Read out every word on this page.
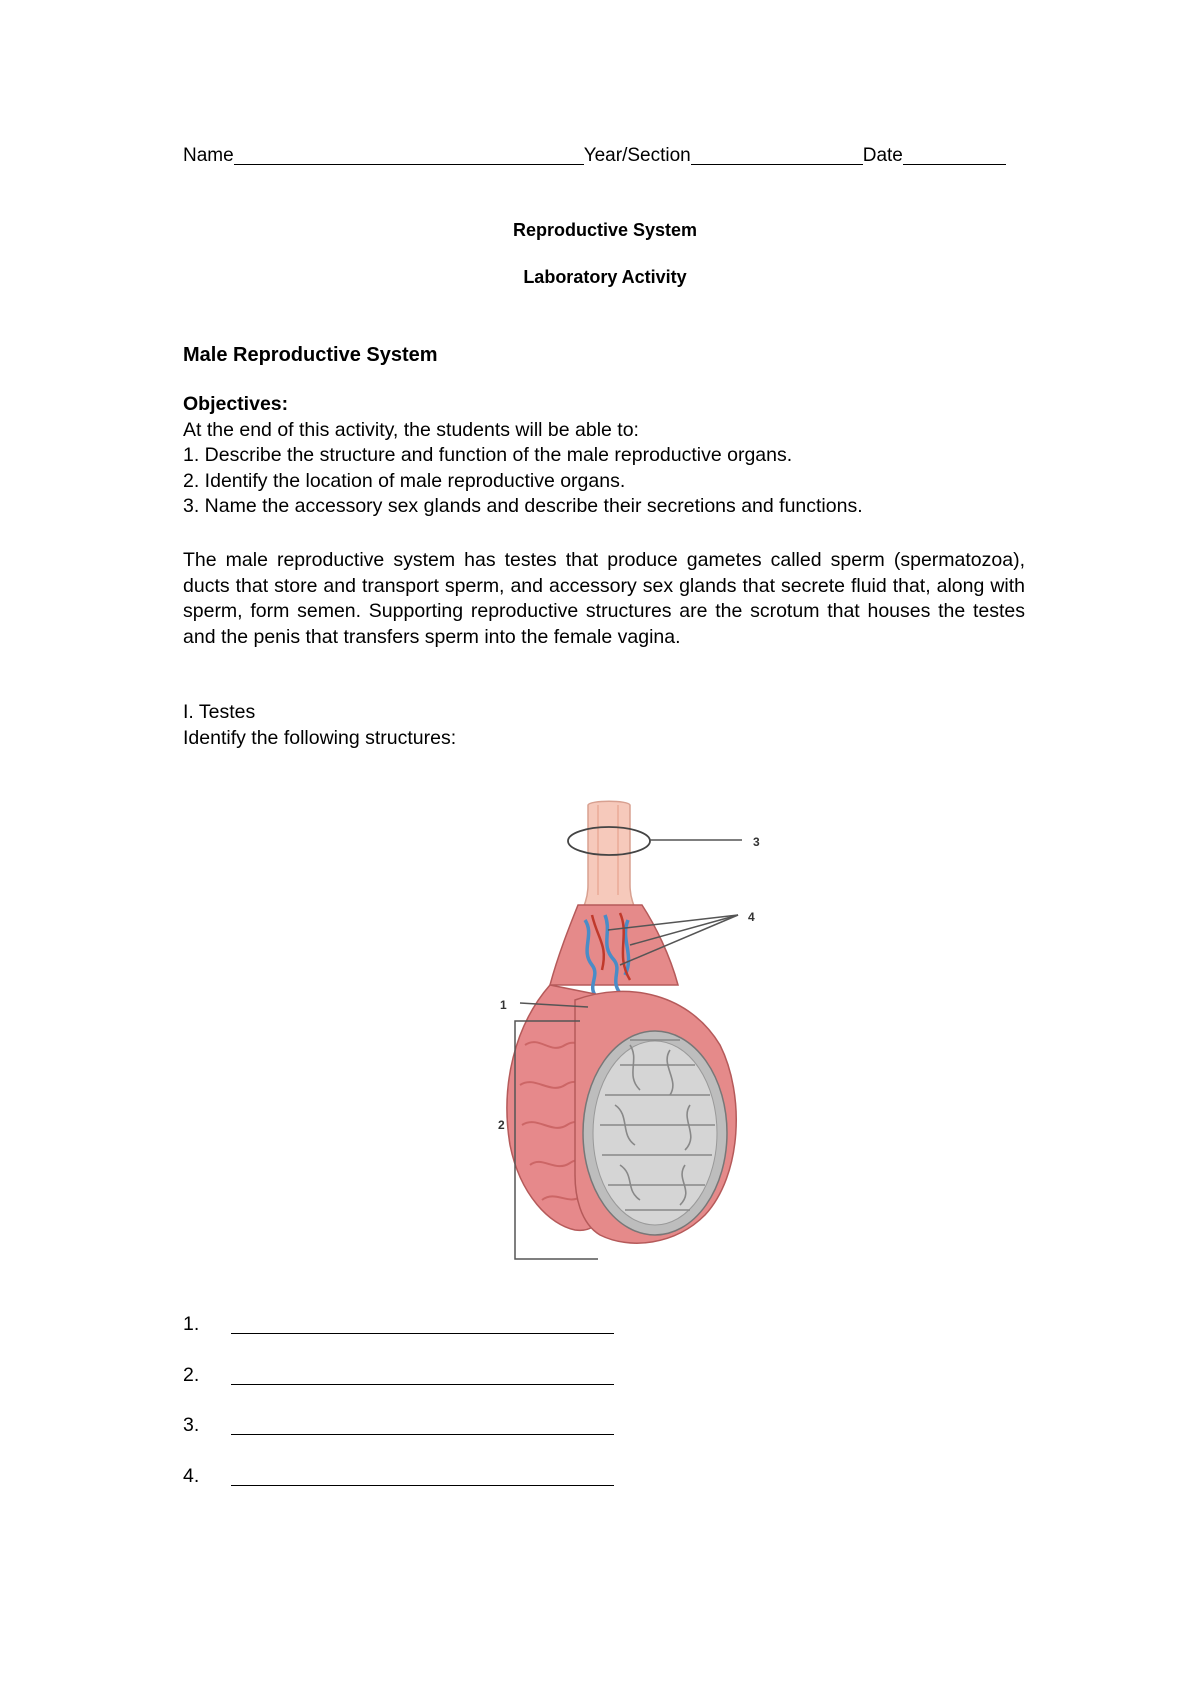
Name	Year/Section	Date
Reproductive System
Laboratory Activity
Male Reproductive System
Objectives:
At the end of this activity, the students will be able to:
1. Describe the structure and function of the male reproductive organs.
2. Identify the location of male reproductive organs.
3. Name the accessory sex glands and describe their secretions and functions.
The male reproductive system has testes that produce gametes called sperm (spermatozoa), ducts that store and transport sperm, and accessory sex glands that secrete fluid that, along with sperm, form semen. Supporting reproductive structures are the scrotum that houses the testes and the penis that transfers sperm into the female vagina.
I. Testes
Identify the following structures:
3
4
1
2
1.
2.
3.
4.
